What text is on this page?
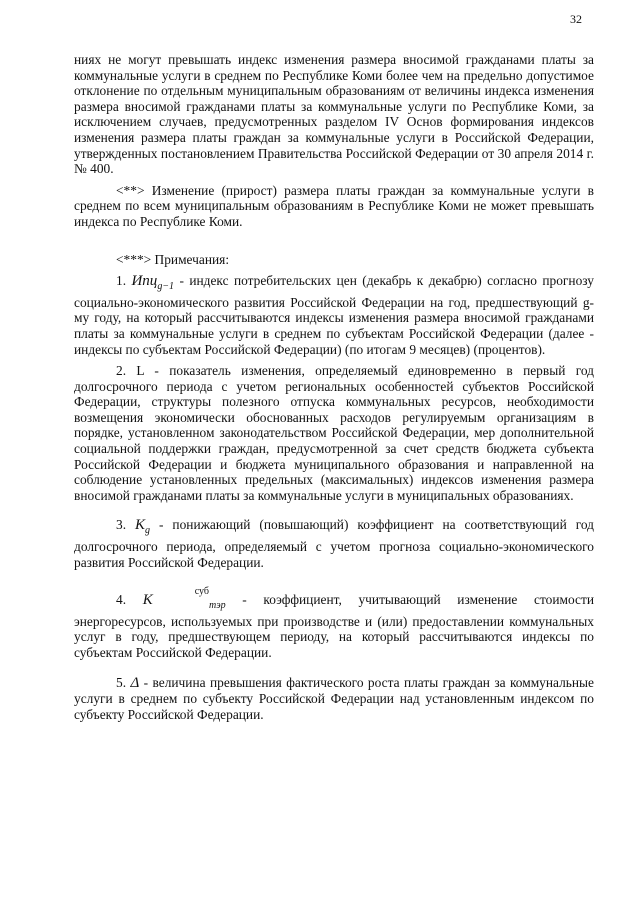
32

ниях не могут превышать индекс изменения размера вносимой гражданами платы за коммунальные услуги в среднем по Республике Коми более чем на предельно допустимое отклонение по отдельным муниципальным образованиям от величины индекса изменения размера вносимой гражданами платы за коммунальные услуги по Республике Коми, за исключением случаев, предусмотренных разделом IV Основ формирования индексов изменения размера платы граждан за коммунальные услуги в Российской Федерации, утвержденных постановлением Правительства Российской Федерации от 30 апреля 2014 г. № 400.

<**> Изменение (прирост) размера платы граждан за коммунальные услуги в среднем по всем муниципальным образованиям в Республике Коми не может превышать индекса по Республике Коми.

<***> Примечания:

1. Ипц$_{g-1}$ - индекс потребительских цен (декабрь к декабрю) согласно прогнозу социально-экономического развития Российской Федерации на год, предшествующий g-му году, на который рассчитываются индексы изменения размера вносимой гражданами платы за коммунальные услуги в среднем по субъектам Российской Федерации (далее - индексы по субъектам Российской Федерации) (по итогам 9 месяцев) (процентов).

2. L - показатель изменения, определяемый единовременно в первый год долгосрочного периода с учетом региональных особенностей субъектов Российской Федерации, структуры полезного отпуска коммунальных ресурсов, необходимости возмещения экономически обоснованных расходов регулируемым организациям в порядке, установленном законодательством Российской Федерации, мер дополнительной социальной поддержки граждан, предусмотренной за счет средств бюджета субъекта Российской Федерации и бюджета муниципального образования и направленной на соблюдение установленных предельных (максимальных) индексов изменения размера вносимой гражданами платы за коммунальные услуги в муниципальных образованиях.

3. $K_g$ - понижающий (повышающий) коэффициент на соответствующий год долгосрочного периода, определяемый с учетом прогноза социально-экономического развития Российской Федерации.

4. $K^{суб}_{тэр}$ - коэффициент, учитывающий изменение стоимости энергоресурсов, используемых при производстве и (или) предоставлении коммунальных услуг в году, предшествующем периоду, на который рассчитываются индексы по субъектам Российской Федерации.

5. Δ - величина превышения фактического роста платы граждан за коммунальные услуги в среднем по субъекту Российской Федерации над установленным индексом по субъекту Российской Федерации.
